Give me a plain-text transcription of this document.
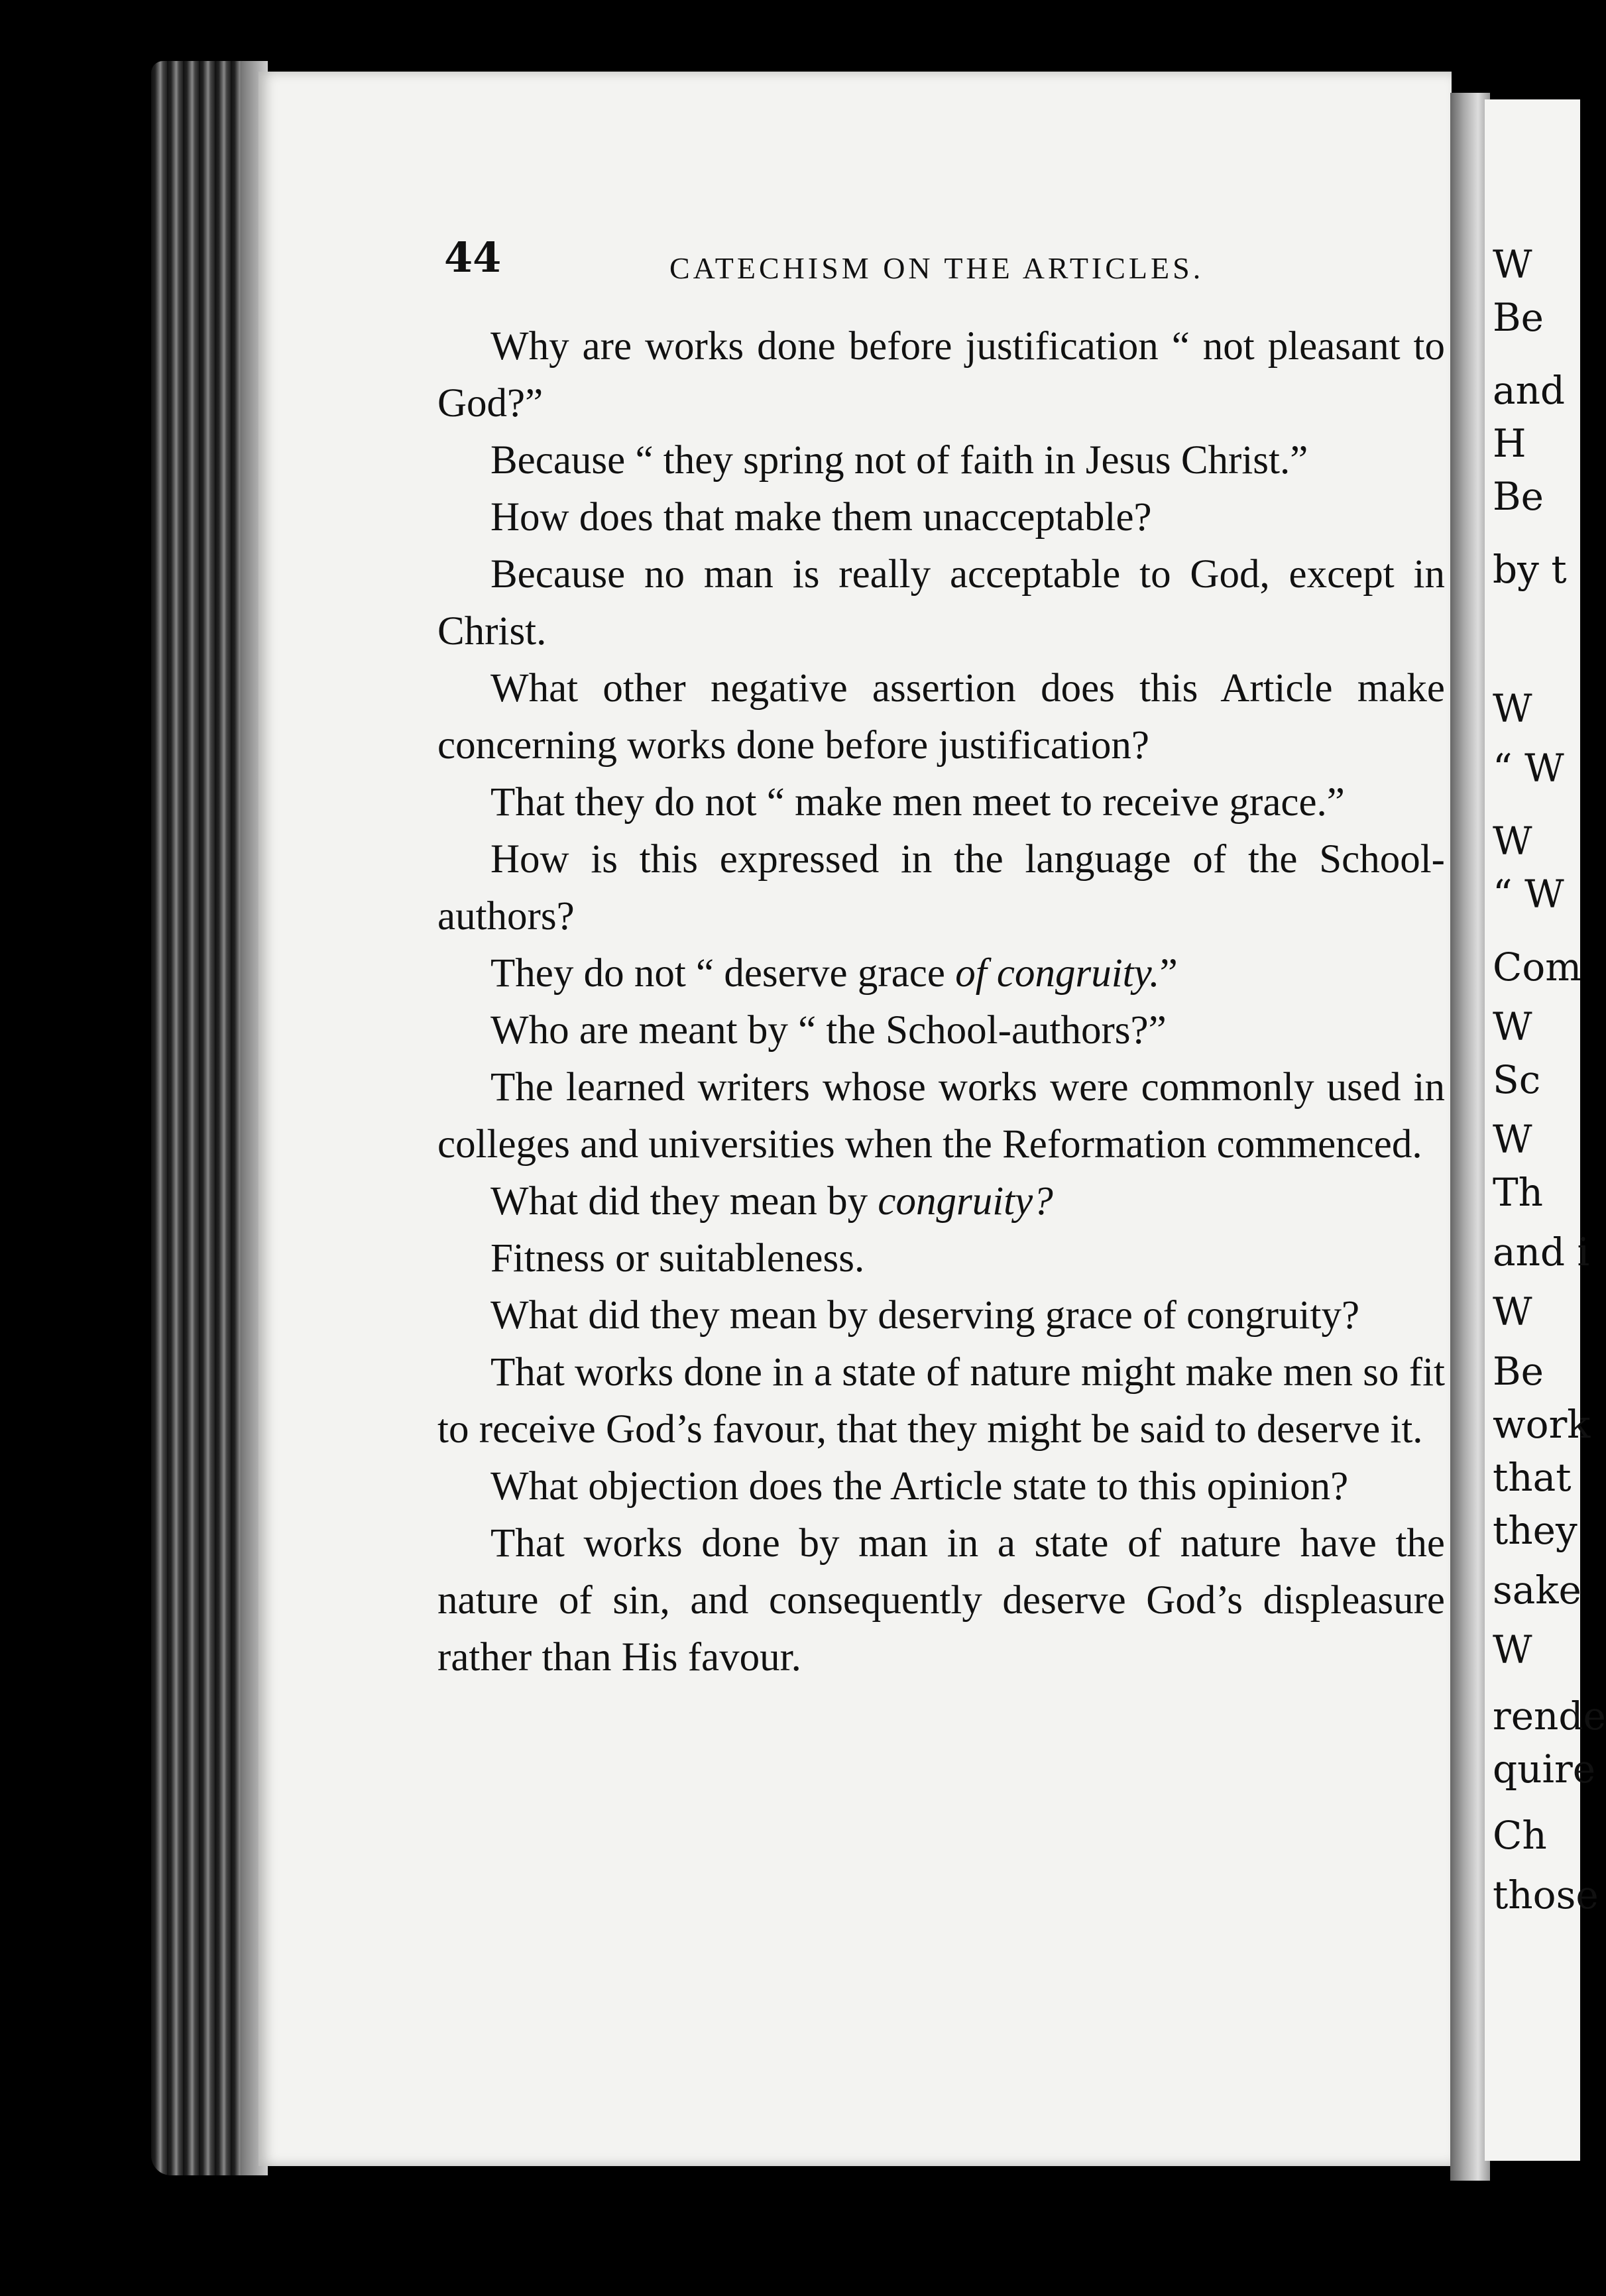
W
Be
and
H
Be
by t
W
“ W
W
“ W
Com
W
Sc
W
Th
and i
W
Be
work
that
they
sake
W
rende
quire
Ch
those
44	CATECHISM ON THE ARTICLES.

Why are works done before justification “ not pleasant to God?”

Because “ they spring not of faith in Jesus Christ.”

How does that make them unacceptable?

Because no man is really acceptable to God, except in Christ.

What other negative assertion does this Article make concerning works done before justification?

That they do not “ make men meet to receive grace.”

How is this expressed in the language of the School-authors?

They do not “ deserve grace of congruity.”

Who are meant by “ the School-authors?”

The learned writers whose works were commonly used in colleges and universities when the Reformation commenced.

What did they mean by congruity?

Fitness or suitableness.

What did they mean by deserving grace of congruity?

That works done in a state of nature might make men so fit to receive God’s favour, that they might be said to deserve it.

What objection does the Article state to this opinion?

That works done by man in a state of nature have the nature of sin, and consequently deserve God’s displeasure rather than His favour.
